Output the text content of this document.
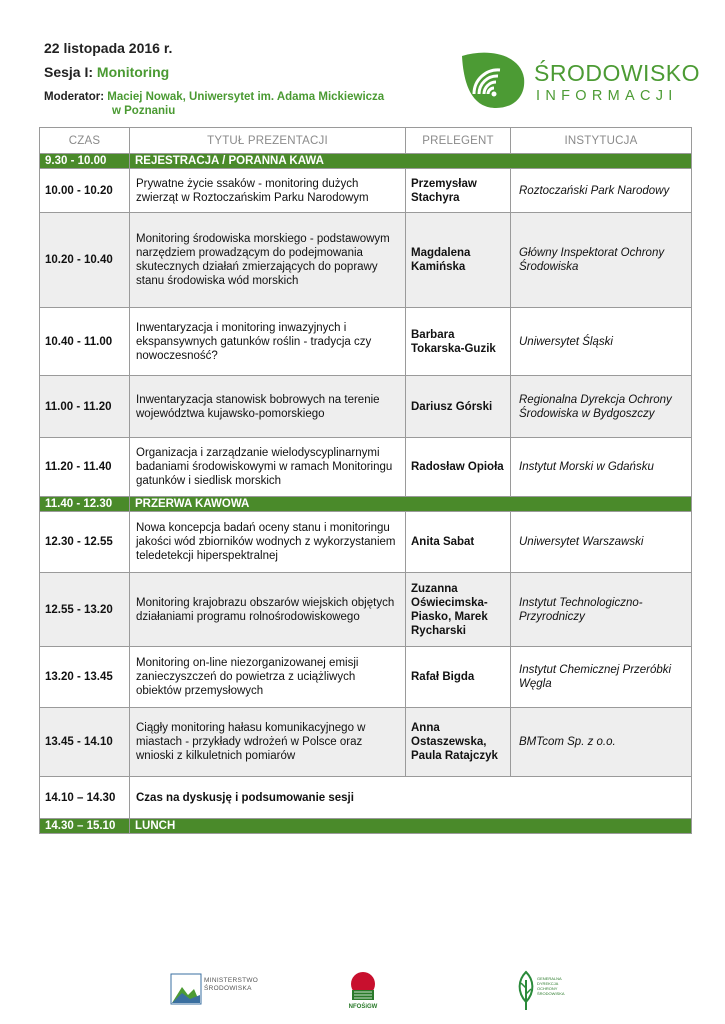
22 listopada 2016 r.
Sesja I: Monitoring
Moderator: Maciej Nowak, Uniwersytet im. Adama Mickiewicza
w Poznaniu
ŚRODOWISKO
INFORMACJI
CZAS	TYTUŁ PREZENTACJI	PRELEGENT	INSTYTUCJA
9.30 - 10.00	REJESTRACJA / PORANNA KAWA		
10.00 - 10.20	Prywatne życie ssaków - monitoring dużych zwierząt w Roztoczańskim Parku Narodowym	Przemysław Stachyra	Roztoczański Park Narodowy
10.20 - 10.40	Monitoring środowiska morskiego - podstawowym narzędziem prowadzącym do podejmowania skutecznych działań zmierzających do poprawy stanu środowiska wód morskich	Magdalena Kamińska	Główny Inspektorat Ochrony Środowiska
10.40 - 11.00	Inwentaryzacja i monitoring inwazyjnych i ekspansywnych gatunków roślin - tradycja czy nowoczesność?	Barbara Tokarska-Guzik	Uniwersytet Śląski
11.00 - 11.20	Inwentaryzacja stanowisk bobrowych na terenie województwa kujawsko-pomorskiego	Dariusz Górski	Regionalna Dyrekcja Ochrony Środowiska w Bydgoszczy
11.20 - 11.40	Organizacja i zarządzanie wielodyscyplinarnymi badaniami środowiskowymi w ramach Monitoringu gatunków i siedlisk morskich	Radosław Opioła	Instytut Morski w Gdańsku
11.40 - 12.30	PRZERWA KAWOWA		
12.30 - 12.55	Nowa koncepcja badań oceny stanu i monitoringu jakości wód zbiorników wodnych z wykorzystaniem teledetekcji hiperspektralnej	Anita Sabat	Uniwersytet Warszawski
12.55 - 13.20	Monitoring krajobrazu obszarów wiejskich objętych działaniami programu rolnośrodowiskowego	Zuzanna Oświecimska-Piasko, Marek Rycharski	Instytut Technologiczno-Przyrodniczy
13.20 - 13.45	Monitoring on-line niezorganizowanej emisji zanieczyszczeń do powietrza z uciążliwych obiektów przemysłowych	Rafał Bigda	Instytut Chemicznej Przeróbki Węgla
13.45 - 14.10	Ciągły monitoring hałasu komunikacyjnego w miastach - przykłady wdrożeń w Polsce oraz wnioski z kilkuletnich pomiarów	Anna Ostaszewska, Paula Ratajczyk	BMTcom Sp. z o.o.
14.10 – 14.30	Czas na dyskusję i podsumowanie sesji		
14.30 – 15.10	LUNCH		
MINISTERSTWO ŚRODOWISKA
NFOŚiGW
GENERALNA DYREKCJA OCHRONY ŚRODOWISKA
